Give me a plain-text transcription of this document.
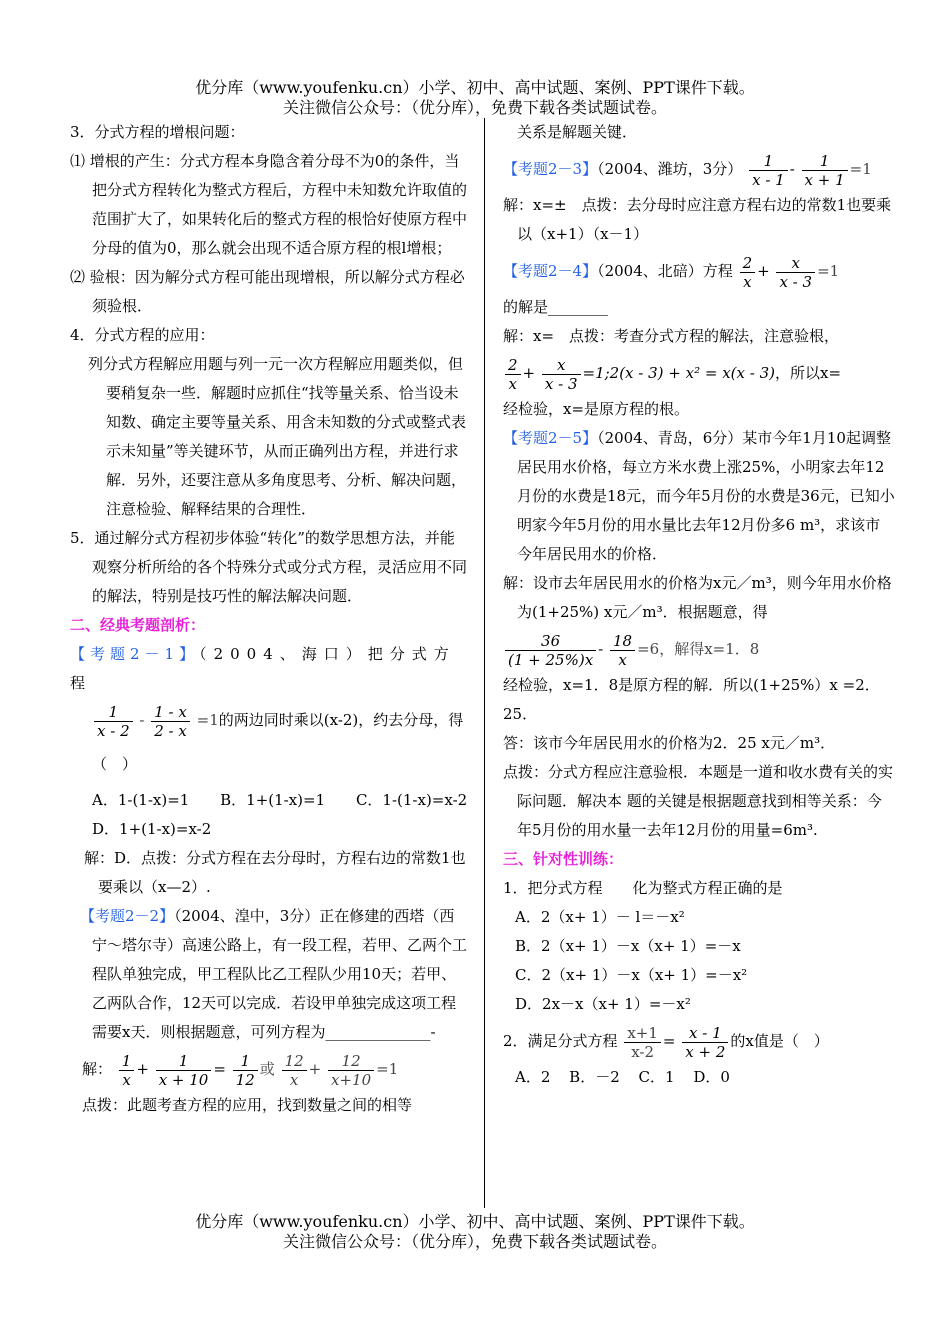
优分库（www.youfenku.cn）小学、初中、高中试题、案例、PPT课件下载。
关注微信公众号：（优分库），免费下载各类试题试卷。

3．分式方程的增根问题：

⑴ 增根的产生：分式方程本身隐含着分母不为0的条件，当把分式方程转化为整式方程后，方程中未知数允许取值的范围扩大了，如果转化后的整式方程的根恰好使原方程中分母的值为0，那么就会出现不适合原方程的根l增根；

⑵ 验根：因为解分式方程可能出现增根，所以解分式方程必须验根．

4．分式方程的应用：

列分式方程解应用题与列一元一次方程解应用题类似，但要稍复杂一些．解题时应抓住“找等量关系、恰当设未知数、确定主要等量关系、用含未知数的分式或整式表示未知量”等关键环节，从而正确列出方程，并进行求解．另外，还要注意从多角度思考、分析、解决问题，注意检验、解释结果的合理性．

5．通过解分式方程初步体验“转化”的数学思想方法，并能观察分析所给的各个特殊分式或分式方程，灵活应用不同的解法，特别是技巧性的解法解决问题．

二、经典考题剖析：

【考题2－1】（2004、海口）把分式方程

$\frac{1}{x - 2} - \frac{1 - x}{2 - x} =1$的两边同时乘以(x-2)，约去分母，得（　）

A．1-(1-x)=1 B．1+(1-x)=1 C．1-(1-x)=x-2
D．1+(1-x)=x-2

解：D．点拨：分式方程在去分母时，方程右边的常数1也要乘以（x—2）.

【考题2－2】（2004、湟中，3分）正在修建的西塔（西宁～塔尔寺）高速公路上，有一段工程，若甲、乙两个工程队单独完成，甲工程队比乙工程队少用10天；若甲、乙两队合作，12天可以完成．若设甲单独完成这项工程需要x天．则根据题意，可列方程为______________-

解： $\frac{1}{x} + \frac{1}{x + 10} = \frac{1}{12}$ 或 $\frac{12}{x} + \frac{12}{x+10} =1$

点拨：此题考查方程的应用，找到数量之间的相等

关系是解题关键．

【考题2－3】（2004、潍坊，3分） $\frac{1}{x - 1} - \frac{1}{x + 1} =1$

解：x=±　点拨：去分母时应注意方程右边的常数1也要乘以（x+1）（x－1）

【考题2－4】（2004、北碚）方程 $\frac{2}{x} + \frac{x}{x - 3} =1$

的解是________

解：x=　点拨：考查分式方程的解法，注意验根，

$\frac{2}{x} + \frac{x}{x - 3}$ =1;2(x - 3) + x² = x(x - 3)，所以x=

经检验，x=是原方程的根。

【考题2－5】（2004、青岛，6分）某市今年1月10起调整居民用水价格，每立方米水费上涨25%，小明家去年12月份的水费是18元，而今年5月份的水费是36元，已知小明家今年5月份的用水量比去年12月份多6 m³，求该市今年居民用水的价格．

解：设市去年居民用水的价格为x元／m³，则今年用水价格为(1+25%) x元／m³．根据题意，得

$\frac{36}{(1 + 25\%)x} - \frac{18}{x} =6$，解得x=1．8

经检验，x=1．8是原方程的解．所以(1+25%）x =2．25．

答：该市今年居民用水的价格为2．25 x元／m³．

点拨：分式方程应注意验根．本题是一道和收水费有关的实际问题．解决本 题的关键是根据题意找到相等关系：今年5月份的用水量一去年12月份的用量=6m³.

三、针对性训练：

1．把分式方程　　化为整式方程正确的是

A．2（x+ 1）－ l＝－x²

B．2（x+ 1）－x（x+ 1）=－x

C．2（x+ 1）－x（x+ 1）=－x²

D．2x－x（x+ 1）=－x²

2．满足分式方程 $\frac{x+1}{x-2} = \frac{x - 1}{x + 2}$ 的x值是（　）

A．2 B．－2 C．1 D．0

优分库（www.youfenku.cn）小学、初中、高中试题、案例、PPT课件下载。
关注微信公众号：（优分库），免费下载各类试题试卷。
